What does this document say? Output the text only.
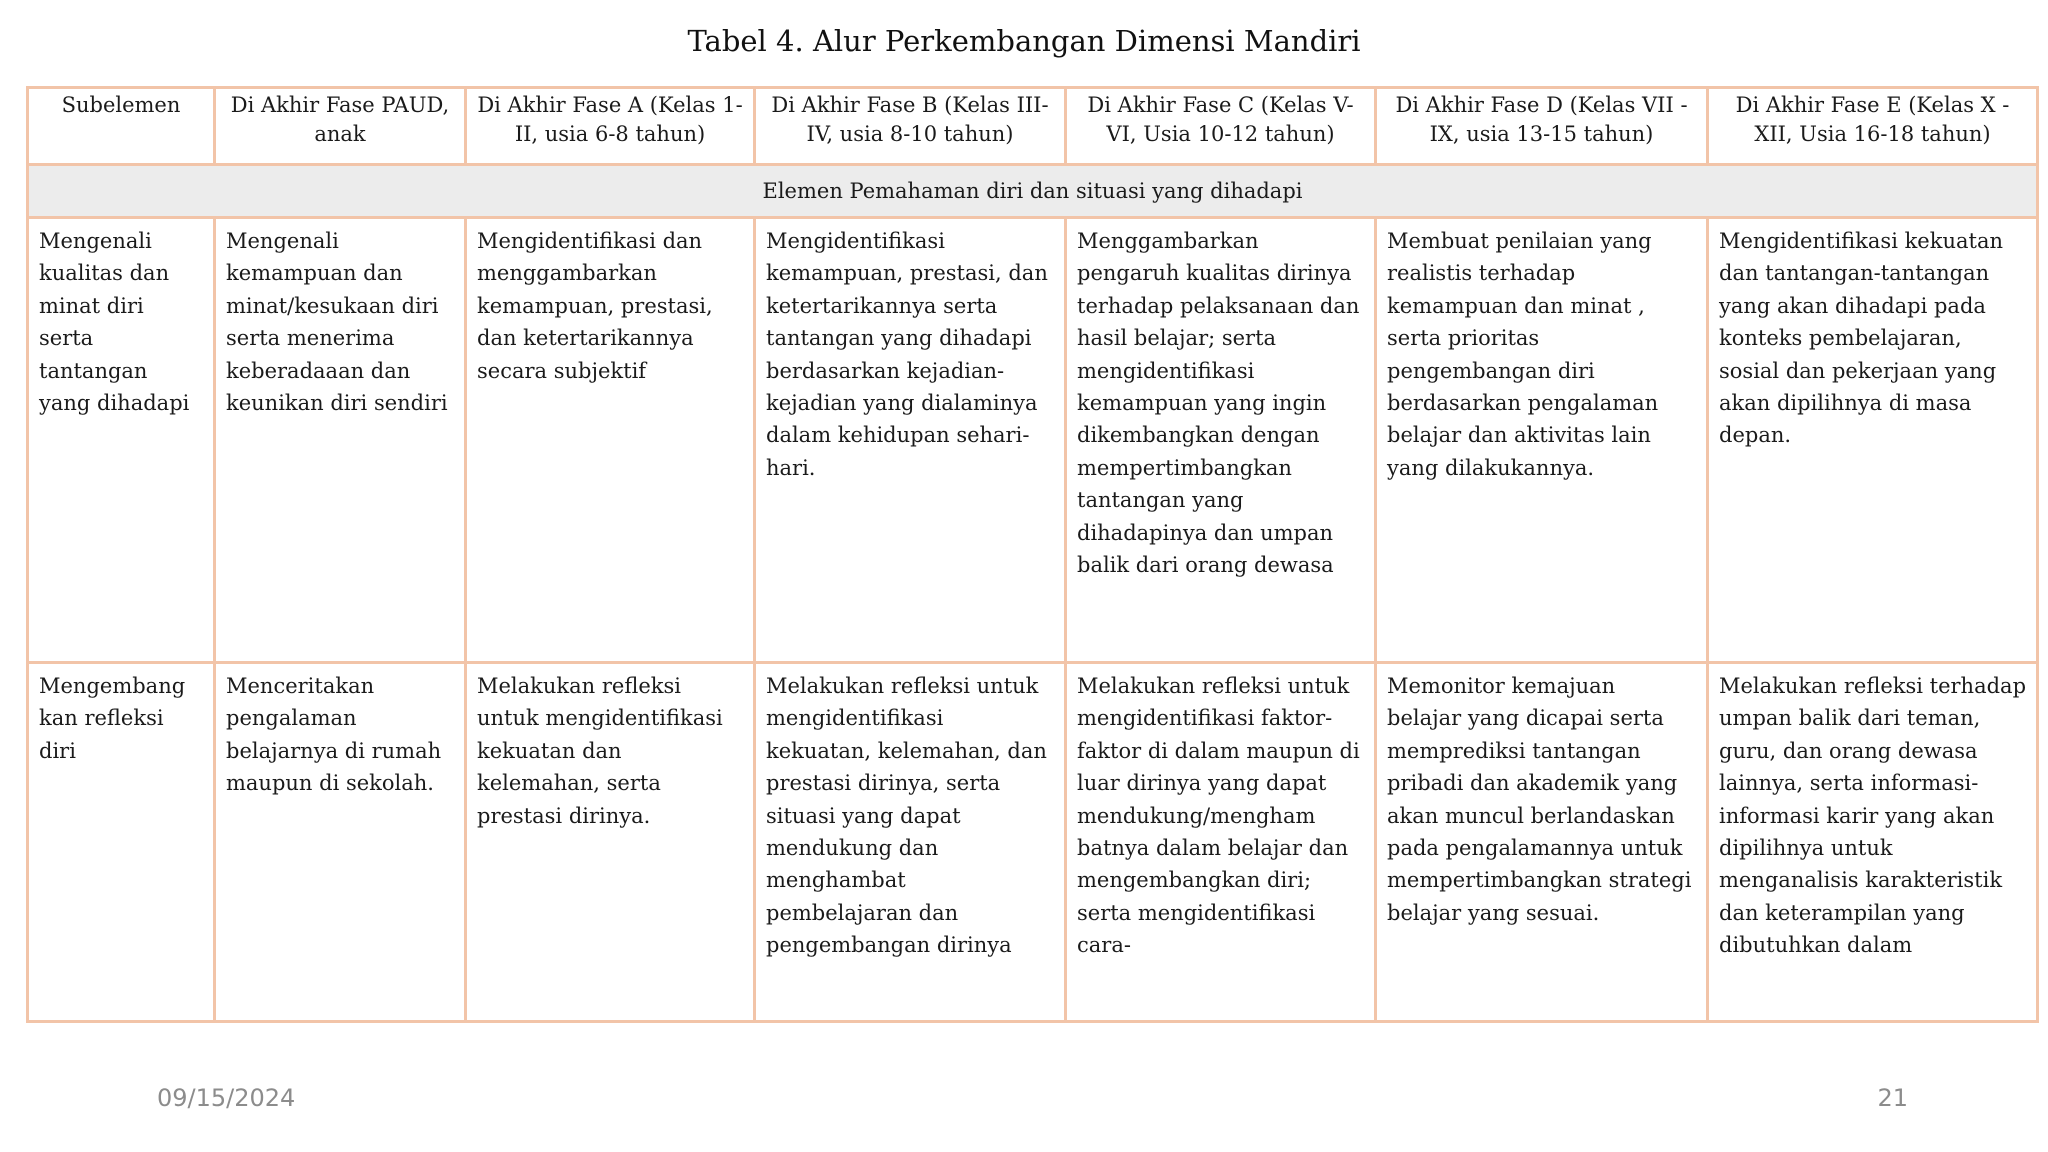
Tabel 4. Alur Perkembangan Dimensi Mandiri
Subelemen	Di Akhir Fase PAUD, anak	Di Akhir Fase A (Kelas 1-II, usia 6-8 tahun)	Di Akhir Fase B (Kelas III-IV, usia 8-10 tahun)	Di Akhir Fase C (Kelas V-VI, Usia 10-12 tahun)	Di Akhir Fase D (Kelas VII - IX, usia 13-15 tahun)	Di Akhir Fase E (Kelas X - XII, Usia 16-18 tahun)
Elemen Pemahaman diri dan situasi yang dihadapi						
Mengenali kualitas dan minat diri serta tantangan yang dihadapi	Mengenali kemampuan dan minat/kesukaan diri serta menerima keberadaaan dan keunikan diri sendiri	Mengidentifikasi dan menggambarkan kemampuan, prestasi, dan ketertarikannya secara subjektif	Mengidentifikasi kemampuan, prestasi, dan ketertarikannya serta tantangan yang dihadapi berdasarkan kejadian-kejadian yang dialaminya dalam kehidupan sehari-hari.	Menggambarkan pengaruh kualitas dirinya terhadap pelaksanaan dan hasil belajar; serta mengidentifikasi kemampuan yang ingin dikembangkan dengan mempertimbangkan tantangan yang dihadapinya dan umpan balik dari orang dewasa	Membuat penilaian yang realistis terhadap kemampuan dan minat , serta prioritas pengembangan diri berdasarkan pengalaman belajar dan aktivitas lain yang dilakukannya.	Mengidentifikasi kekuatan dan tantangan-tantangan yang akan dihadapi pada konteks pembelajaran, sosial dan pekerjaan yang akan dipilihnya di masa depan.
Mengembang kan refleksi diri	Menceritakan pengalaman belajarnya di rumah maupun di sekolah.	Melakukan refleksi untuk mengidentifikasi kekuatan dan kelemahan, serta prestasi dirinya.	Melakukan refleksi untuk mengidentifikasi kekuatan, kelemahan, dan prestasi dirinya, serta situasi yang dapat mendukung dan menghambat pembelajaran dan pengembangan dirinya	Melakukan refleksi untuk mengidentifikasi faktor-faktor di dalam maupun di luar dirinya yang dapat mendukung/mengham batnya dalam belajar dan mengembangkan diri; serta mengidentifikasi cara-	Memonitor kemajuan belajar yang dicapai serta memprediksi tantangan pribadi dan akademik yang akan muncul berlandaskan pada pengalamannya untuk mempertimbangkan strategi belajar yang sesuai.	Melakukan refleksi terhadap umpan balik dari teman, guru, dan orang dewasa lainnya, serta informasi-informasi karir yang akan dipilihnya untuk menganalisis karakteristik dan keterampilan yang dibutuhkan dalam
09/15/2024	21
